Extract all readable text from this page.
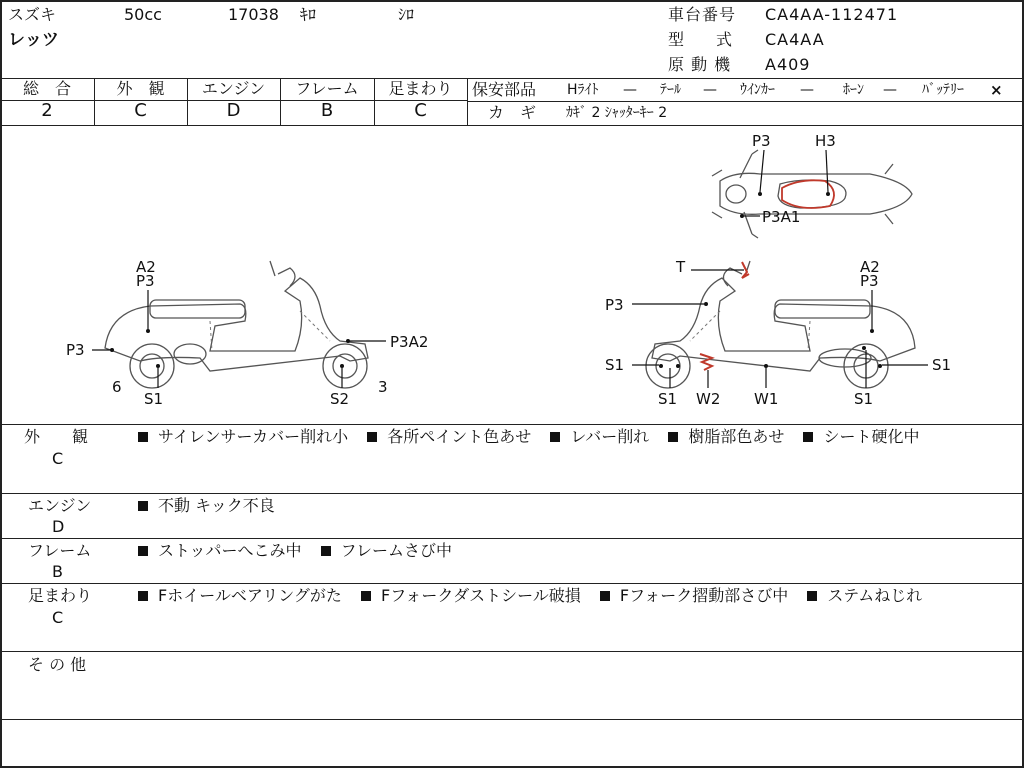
スズキ	50cc	17038 ｷﾛ	ｼﾛ
レッツ
車台番号 CA4AA-112471
型　　式 CA4AA
原 動 機 A409
総　合
2
外　観
C
エンジン
D
フレーム
B
足まわり
C
保安部品 Hﾗｲﾄ — ﾃｰﾙ — ｳｲﾝｶｰ — ﾎｰﾝ — ﾊﾞｯﾃﾘｰ ×
カ　ギ ｶｷﾞ 2 ｼｬｯﾀｰｷｰ 2
P3	H3
P3A1
A2
P3
P3	P3A2
6
S1	S2
3
T	A2
P3
P3
S1	S1
S1 W2 W1	S1
外　　観
C
サイレンサーカバー削れ小 各所ペイント色あせ レバー削れ 樹脂部色あせ シート硬化中
エンジン
D
不動 キック不良
フレーム
B
ストッパーへこみ中 フレームさび中
足まわり
C
Fホイールベアリングがた Fフォークダストシール破損 Fフォーク摺動部さび中 ステムねじれ
そ の 他
